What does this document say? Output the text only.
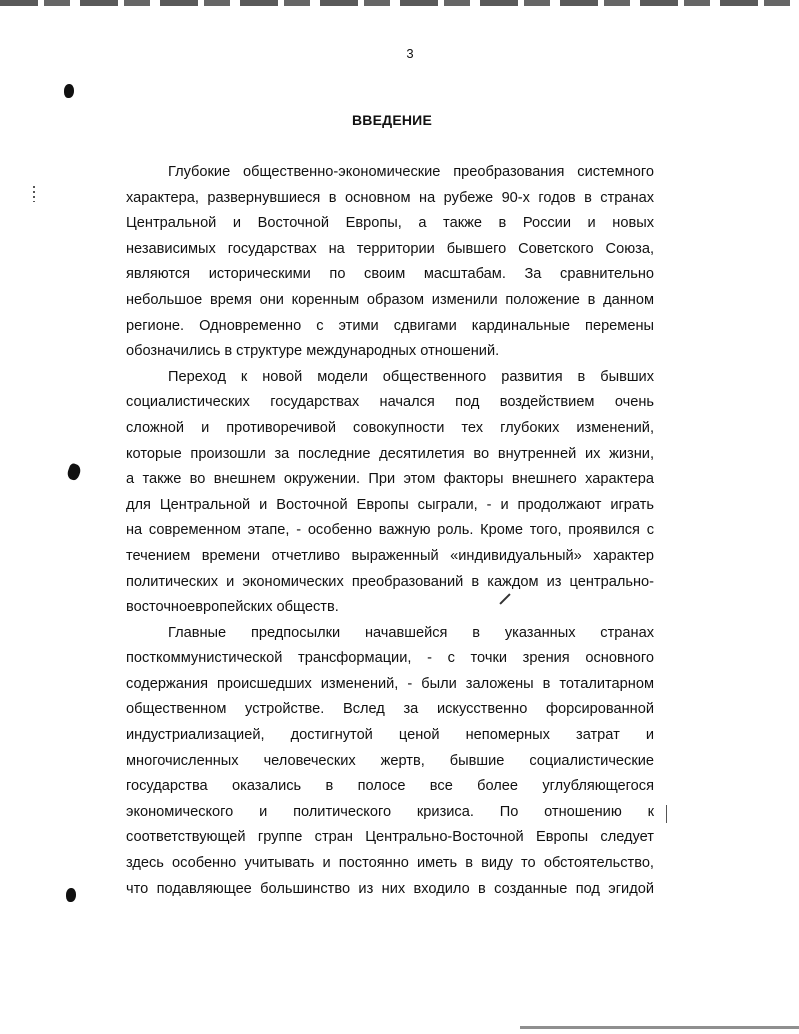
3
ВВЕДЕНИЕ
Глубокие общественно-экономические преобразования системного
характера, развернувшиеся в основном на рубеже 90-х годов в странах
Центральной и Восточной Европы, а также в России и новых
независимых государствах на территории бывшего Советского Союза,
являются историческими по своим масштабам. За сравнительно
небольшое время они коренным образом изменили положение в данном
регионе. Одновременно с этими сдвигами кардинальные перемены
обозначились в структуре международных отношений.
Переход к новой модели общественного развития в бывших
социалистических государствах начался под воздействием очень
сложной и противоречивой совокупности тех глубоких изменений,
которые произошли за последние десятилетия во внутренней их жизни,
а также во внешнем окружении. При этом факторы внешнего характера
для Центральной и Восточной Европы сыграли, - и продолжают играть
на современном этапе, - особенно важную роль. Кроме того, проявился с
течением времени отчетливо выраженный «индивидуальный» характер
политических и экономических преобразований в каждом из центрально-
восточноевропейских обществ.
Главные предпосылки начавшейся в указанных странах
посткоммунистической трансформации, - с точки зрения основного
содержания происшедших изменений, - были заложены в тоталитарном
общественном устройстве. Вслед за искусственно форсированной
индустриализацией, достигнутой ценой непомерных затрат и
многочисленных человеческих жертв, бывшие социалистические
государства оказались в полосе все более углубляющегося
экономического и политического кризиса. По отношению к
соответствующей группе стран Центрально-Восточной Европы следует
здесь особенно учитывать и постоянно иметь в виду то обстоятельство,
что подавляющее большинство из них входило в созданные под эгидой
